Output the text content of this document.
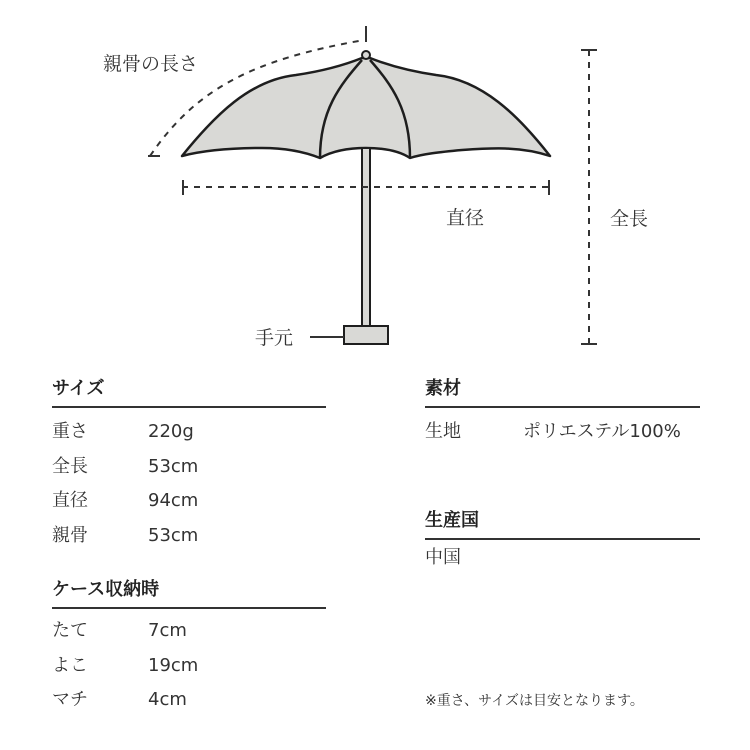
手元
直径	全長
親骨の長さ
サイズ
重さ	220g
全長	53cm
直径	94cm
親骨	53cm
ケース収納時
たて	7cm
よこ	19cm
マチ	4cm
素材
生地	ポリエステル100%
生産国
中国
※重さ、サイズは目安となります。
